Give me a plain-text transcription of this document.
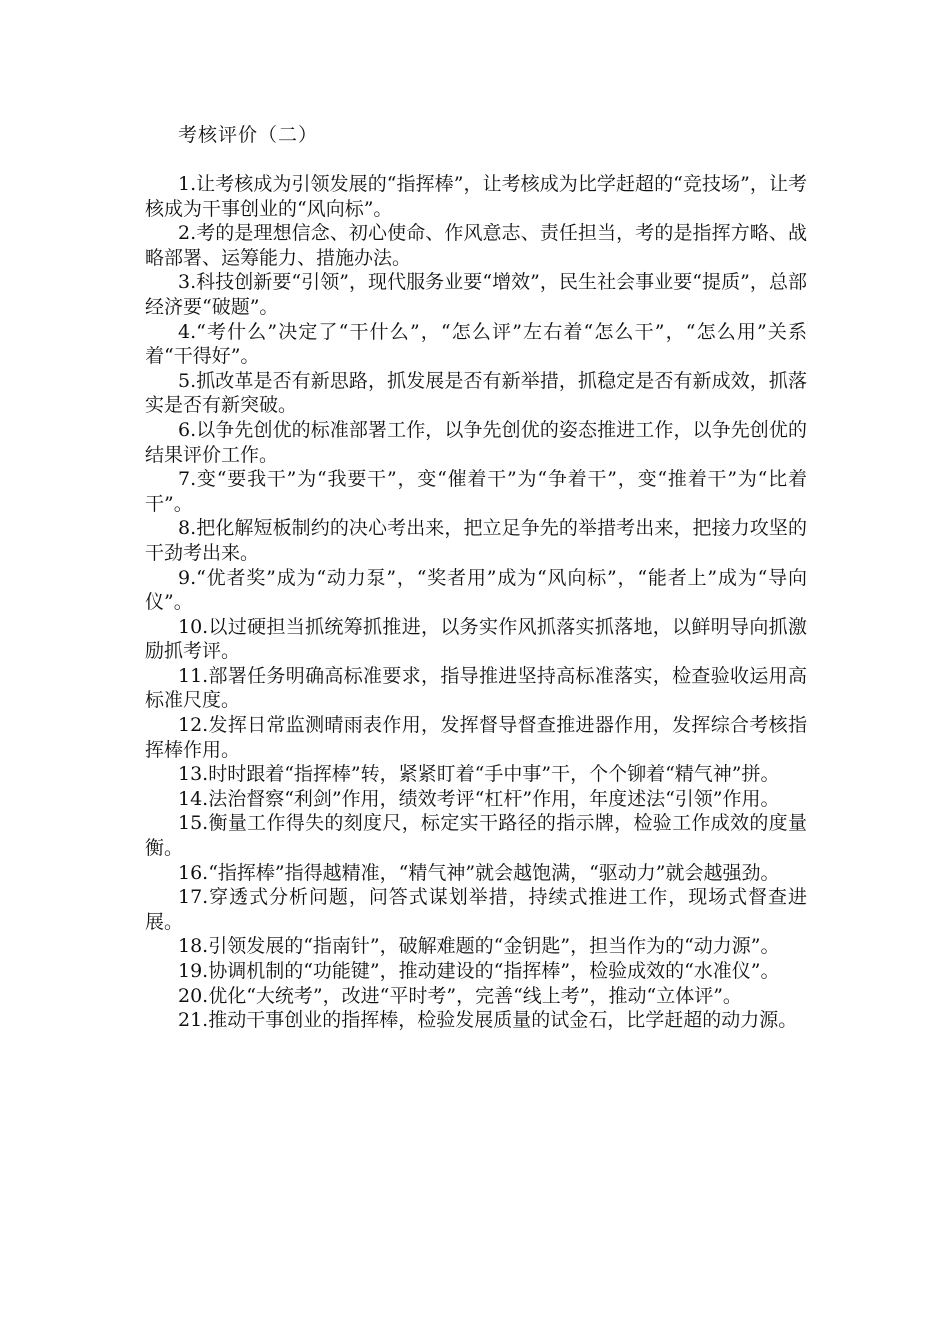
考核评价（二）
1.让考核成为引领发展的“指挥棒”，让考核成为比学赶超的“竞技场”，让考核成为干事创业的“风向标”。
2.考的是理想信念、初心使命、作风意志、责任担当，考的是指挥方略、战略部署、运筹能力、措施办法。
3.科技创新要“引领”，现代服务业要“增效”，民生社会事业要“提质”，总部经济要“破题”。
4.“考什么”决定了“干什么”，“怎么评”左右着“怎么干”，“怎么用”关系着“干得好”。
5.抓改革是否有新思路，抓发展是否有新举措，抓稳定是否有新成效，抓落实是否有新突破。
6.以争先创优的标准部署工作，以争先创优的姿态推进工作，以争先创优的结果评价工作。
7.变“要我干”为“我要干”，变“催着干”为“争着干”，变“推着干”为“比着干”。
8.把化解短板制约的决心考出来，把立足争先的举措考出来，把接力攻坚的干劲考出来。
9.“优者奖”成为“动力泵”，“奖者用”成为“风向标”，“能者上”成为“导向仪”。
10.以过硬担当抓统筹抓推进，以务实作风抓落实抓落地，以鲜明导向抓激励抓考评。
11.部署任务明确高标准要求，指导推进坚持高标准落实，检查验收运用高标准尺度。
12.发挥日常监测晴雨表作用，发挥督导督查推进器作用，发挥综合考核指挥棒作用。
13.时时跟着“指挥棒”转，紧紧盯着“手中事”干，个个铆着“精气神”拼。
14.法治督察“利剑”作用，绩效考评“杠杆”作用，年度述法“引领”作用。
15.衡量工作得失的刻度尺，标定实干路径的指示牌，检验工作成效的度量衡。
16.“指挥棒”指得越精准，“精气神”就会越饱满，“驱动力”就会越强劲。
17.穿透式分析问题，问答式谋划举措，持续式推进工作，现场式督查进展。
18.引领发展的“指南针”，破解难题的“金钥匙”，担当作为的“动力源”。
19.协调机制的“功能键”，推动建设的“指挥棒”，检验成效的“水准仪”。
20.优化“大统考”，改进“平时考”，完善“线上考”，推动“立体评”。
21.推动干事创业的指挥棒，检验发展质量的试金石，比学赶超的动力源。
